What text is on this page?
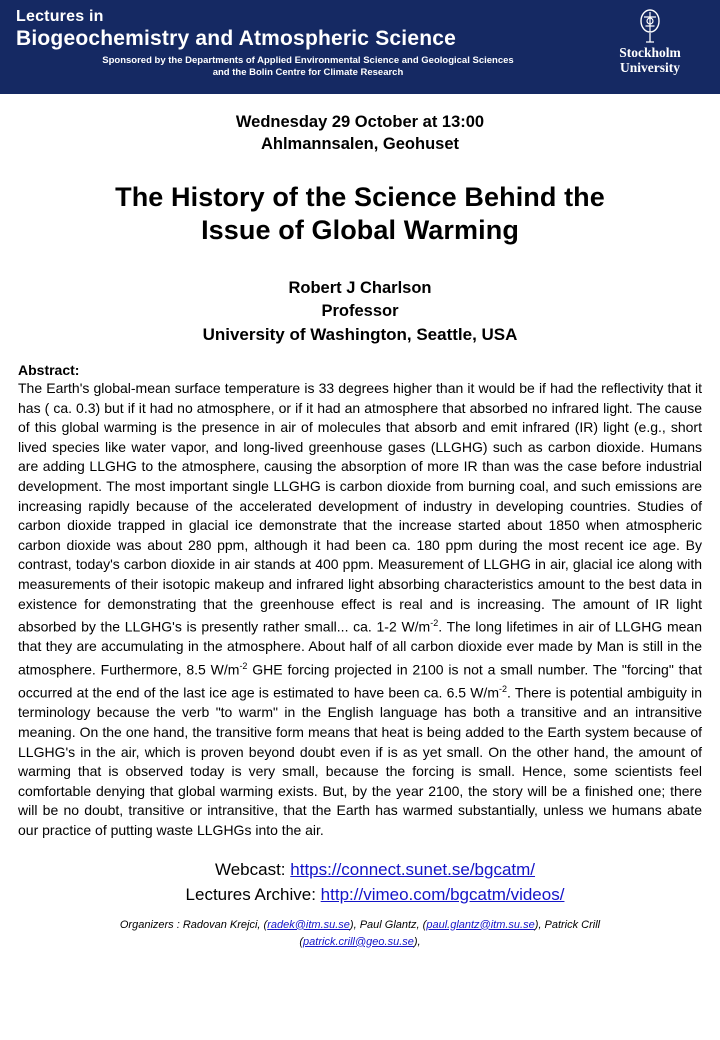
Lectures in
Biogeochemistry and Atmospheric Science
Sponsored by the Departments of Applied Environmental Science and Geological Sciences
and the Bolin Centre for Climate Research
Stockholm
University
Wednesday 29 October at 13:00
Ahlmannsalen, Geohuset
The History of the Science Behind the
Issue of Global Warming
Robert J Charlson
Professor
University of Washington, Seattle, USA
Abstract:
The Earth's global-mean surface temperature is 33 degrees higher than it would be if had the reflectivity that it has ( ca. 0.3) but if it had no atmosphere, or if it had an atmosphere that absorbed no infrared light. The cause of this global warming is the presence in air of molecules that absorb and emit infrared (IR) light (e.g., short lived species like water vapor, and long-lived greenhouse gases (LLGHG) such as carbon dioxide. Humans are adding LLGHG to the atmosphere, causing the absorption of more IR than was the case before industrial development. The most important single LLGHG is carbon dioxide from burning coal, and such emissions are increasing rapidly because of the accelerated development of industry in developing countries. Studies of carbon dioxide trapped in glacial ice demonstrate that the increase started about 1850 when atmospheric carbon dioxide was about 280 ppm, although it had been ca. 180 ppm during the most recent ice age. By contrast, today's carbon dioxide in air stands at 400 ppm. Measurement of LLGHG in air, glacial ice along with measurements of their isotopic makeup and infrared light absorbing characteristics amount to the best data in existence for demonstrating that the greenhouse effect is real and is increasing. The amount of IR light absorbed by the LLGHG's is presently rather small... ca. 1-2 $W/m^{-2}$. The long lifetimes in air of LLGHG mean that they are accumulating in the atmosphere. About half of all carbon dioxide ever made by Man is still in the atmosphere. Furthermore, 8.5 $W/m^{-2}$ GHE forcing projected in 2100 is not a small number. The "forcing" that occurred at the end of the last ice age is estimated to have been ca. 6.5 $W/m^{-2}$. There is potential ambiguity in terminology because the verb "to warm" in the English language has both a transitive and an intransitive meaning. On the one hand, the transitive form means that heat is being added to the Earth system because of LLGHG's in the air, which is proven beyond doubt even if is as yet small. On the other hand, the amount of warming that is observed today is very small, because the forcing is small. Hence, some scientists feel comfortable denying that global warming exists. But, by the year 2100, the story will be a finished one; there will be no doubt, transitive or intransitive, that the Earth has warmed substantially, unless we humans abate our practice of putting waste LLGHGs into the air.
Webcast: https://connect.sunet.se/bgcatm/
Lectures Archive: http://vimeo.com/bgcatm/videos/
Organizers : Radovan Krejci, (radek@itm.su.se), Paul Glantz, (paul.glantz@itm.su.se), Patrick Crill
(patrick.crill@geo.su.se),
